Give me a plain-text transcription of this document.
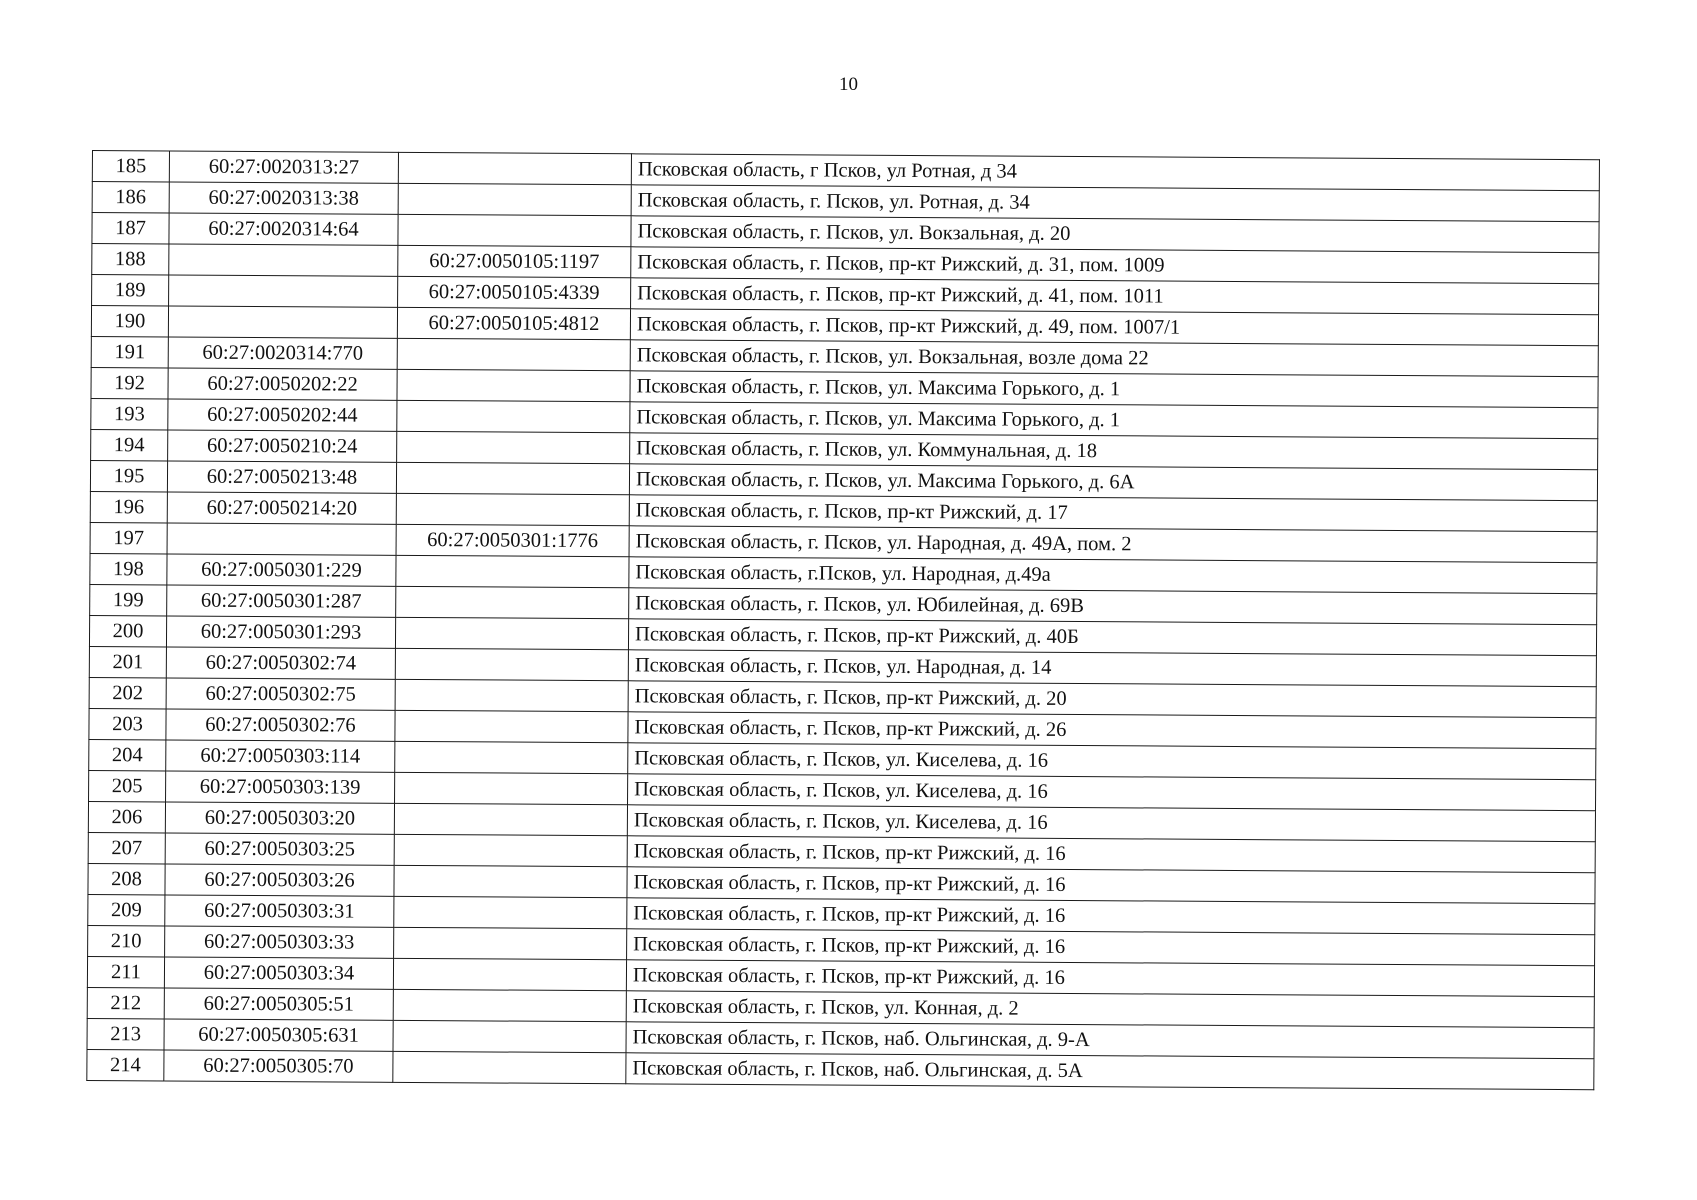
10
185	60:27:0020313:27		Псковская область, г Псков, ул Ротная, д 34
186	60:27:0020313:38		Псковская область, г. Псков, ул. Ротная, д. 34
187	60:27:0020314:64		Псковская область, г. Псков, ул. Вокзальная, д. 20
188		60:27:0050105:1197	Псковская область, г. Псков, пр-кт Рижский, д. 31, пом. 1009
189		60:27:0050105:4339	Псковская область, г. Псков, пр-кт Рижский, д. 41, пом. 1011
190		60:27:0050105:4812	Псковская область, г. Псков, пр-кт Рижский, д. 49, пом. 1007/1
191	60:27:0020314:770		Псковская область, г. Псков, ул. Вокзальная, возле дома 22
192	60:27:0050202:22		Псковская область, г. Псков, ул. Максима Горького, д. 1
193	60:27:0050202:44		Псковская область, г. Псков, ул. Максима Горького, д. 1
194	60:27:0050210:24		Псковская область, г. Псков, ул. Коммунальная, д. 18
195	60:27:0050213:48		Псковская область, г. Псков, ул. Максима Горького, д. 6А
196	60:27:0050214:20		Псковская область, г. Псков, пр-кт Рижский, д. 17
197		60:27:0050301:1776	Псковская область, г. Псков, ул. Народная, д. 49А, пом. 2
198	60:27:0050301:229		Псковская область, г.Псков, ул. Народная, д.49а
199	60:27:0050301:287		Псковская область, г. Псков, ул. Юбилейная, д. 69В
200	60:27:0050301:293		Псковская область, г. Псков, пр-кт Рижский, д. 40Б
201	60:27:0050302:74		Псковская область, г. Псков, ул. Народная, д. 14
202	60:27:0050302:75		Псковская область, г. Псков, пр-кт Рижский, д. 20
203	60:27:0050302:76		Псковская область, г. Псков, пр-кт Рижский, д. 26
204	60:27:0050303:114		Псковская область, г. Псков, ул. Киселева, д. 16
205	60:27:0050303:139		Псковская область, г. Псков, ул. Киселева, д. 16
206	60:27:0050303:20		Псковская область, г. Псков, ул. Киселева, д. 16
207	60:27:0050303:25		Псковская область, г. Псков, пр-кт Рижский, д. 16
208	60:27:0050303:26		Псковская область, г. Псков, пр-кт Рижский, д. 16
209	60:27:0050303:31		Псковская область, г. Псков, пр-кт Рижский, д. 16
210	60:27:0050303:33		Псковская область, г. Псков, пр-кт Рижский, д. 16
211	60:27:0050303:34		Псковская область, г. Псков, пр-кт Рижский, д. 16
212	60:27:0050305:51		Псковская область, г. Псков, ул. Конная, д. 2
213	60:27:0050305:631		Псковская область, г. Псков, наб. Ольгинская, д. 9-А
214	60:27:0050305:70		Псковская область, г. Псков, наб. Ольгинская, д. 5А
